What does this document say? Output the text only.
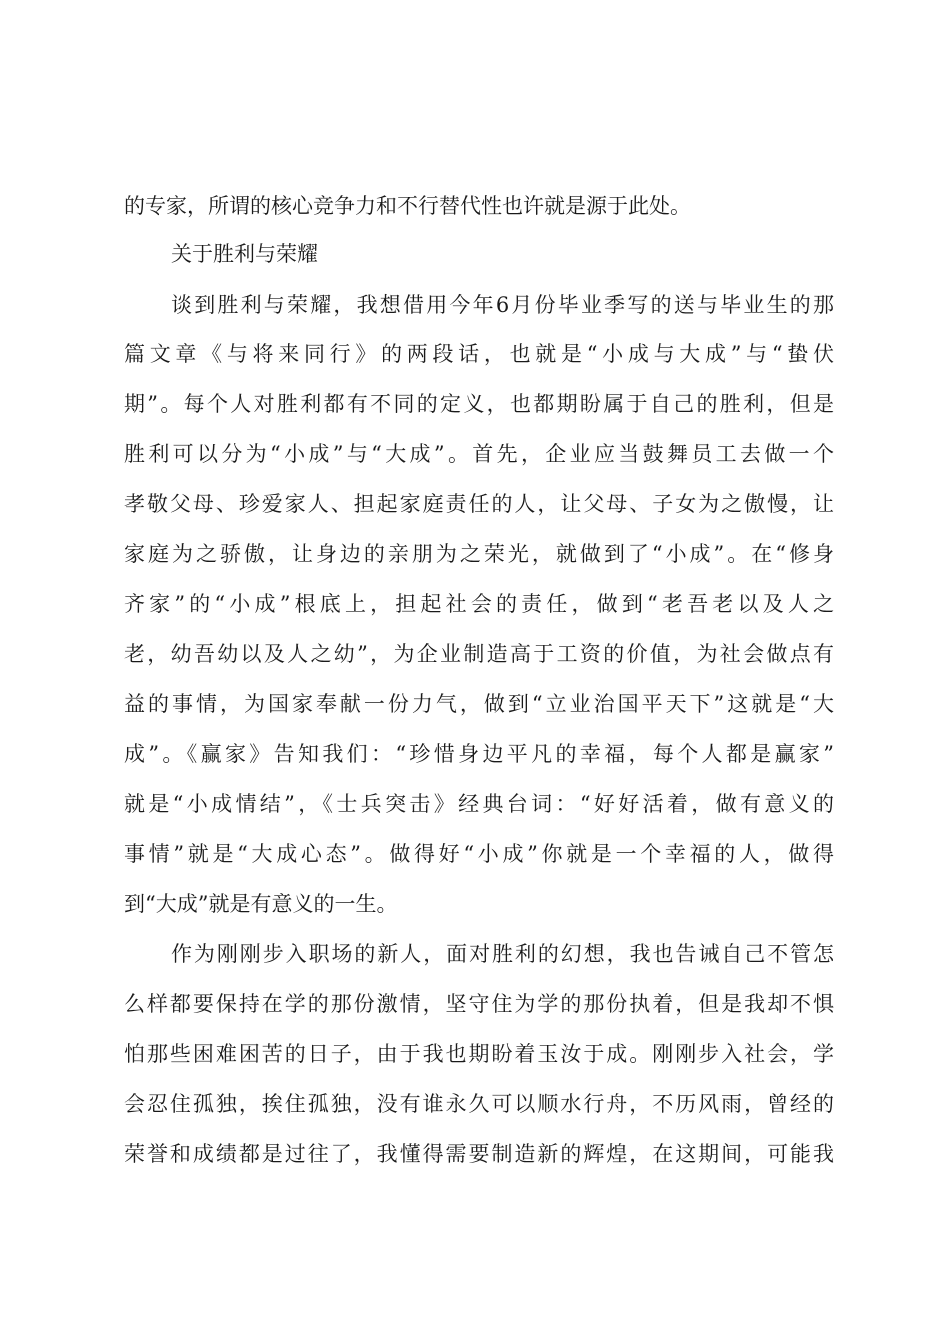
的专家，所谓的核心竞争力和不行替代性也许就是源于此处。

关于胜利与荣耀

谈到胜利与荣耀，我想借用今年6月份毕业季写的送与毕业生的那

篇文章《与将来同行》的两段话，也就是“小成与大成”与“蛰伏

期”。每个人对胜利都有不同的定义，也都期盼属于自己的胜利，但是

胜利可以分为“小成”与“大成”。首先，企业应当鼓舞员工去做一个

孝敬父母、珍爱家人、担起家庭责任的人，让父母、子女为之傲慢，让

家庭为之骄傲，让身边的亲朋为之荣光，就做到了“小成”。在“修身

齐家”的“小成”根底上，担起社会的责任，做到“老吾老以及人之

老，幼吾幼以及人之幼”，为企业制造高于工资的价值，为社会做点有

益的事情，为国家奉献一份力气，做到“立业治国平天下”这就是“大

成”。《赢家》告知我们：“珍惜身边平凡的幸福，每个人都是赢家”

就是“小成情结”，《士兵突击》经典台词：“好好活着，做有意义的

事情”就是“大成心态”。做得好“小成”你就是一个幸福的人，做得

到“大成”就是有意义的一生。

作为刚刚步入职场的新人，面对胜利的幻想，我也告诫自己不管怎

么样都要保持在学的那份激情，坚守住为学的那份执着，但是我却不惧

怕那些困难困苦的日子，由于我也期盼着玉汝于成。刚刚步入社会，学

会忍住孤独，挨住孤独，没有谁永久可以顺水行舟，不历风雨，曾经的

荣誉和成绩都是过往了，我懂得需要制造新的辉煌，在这期间，可能我
